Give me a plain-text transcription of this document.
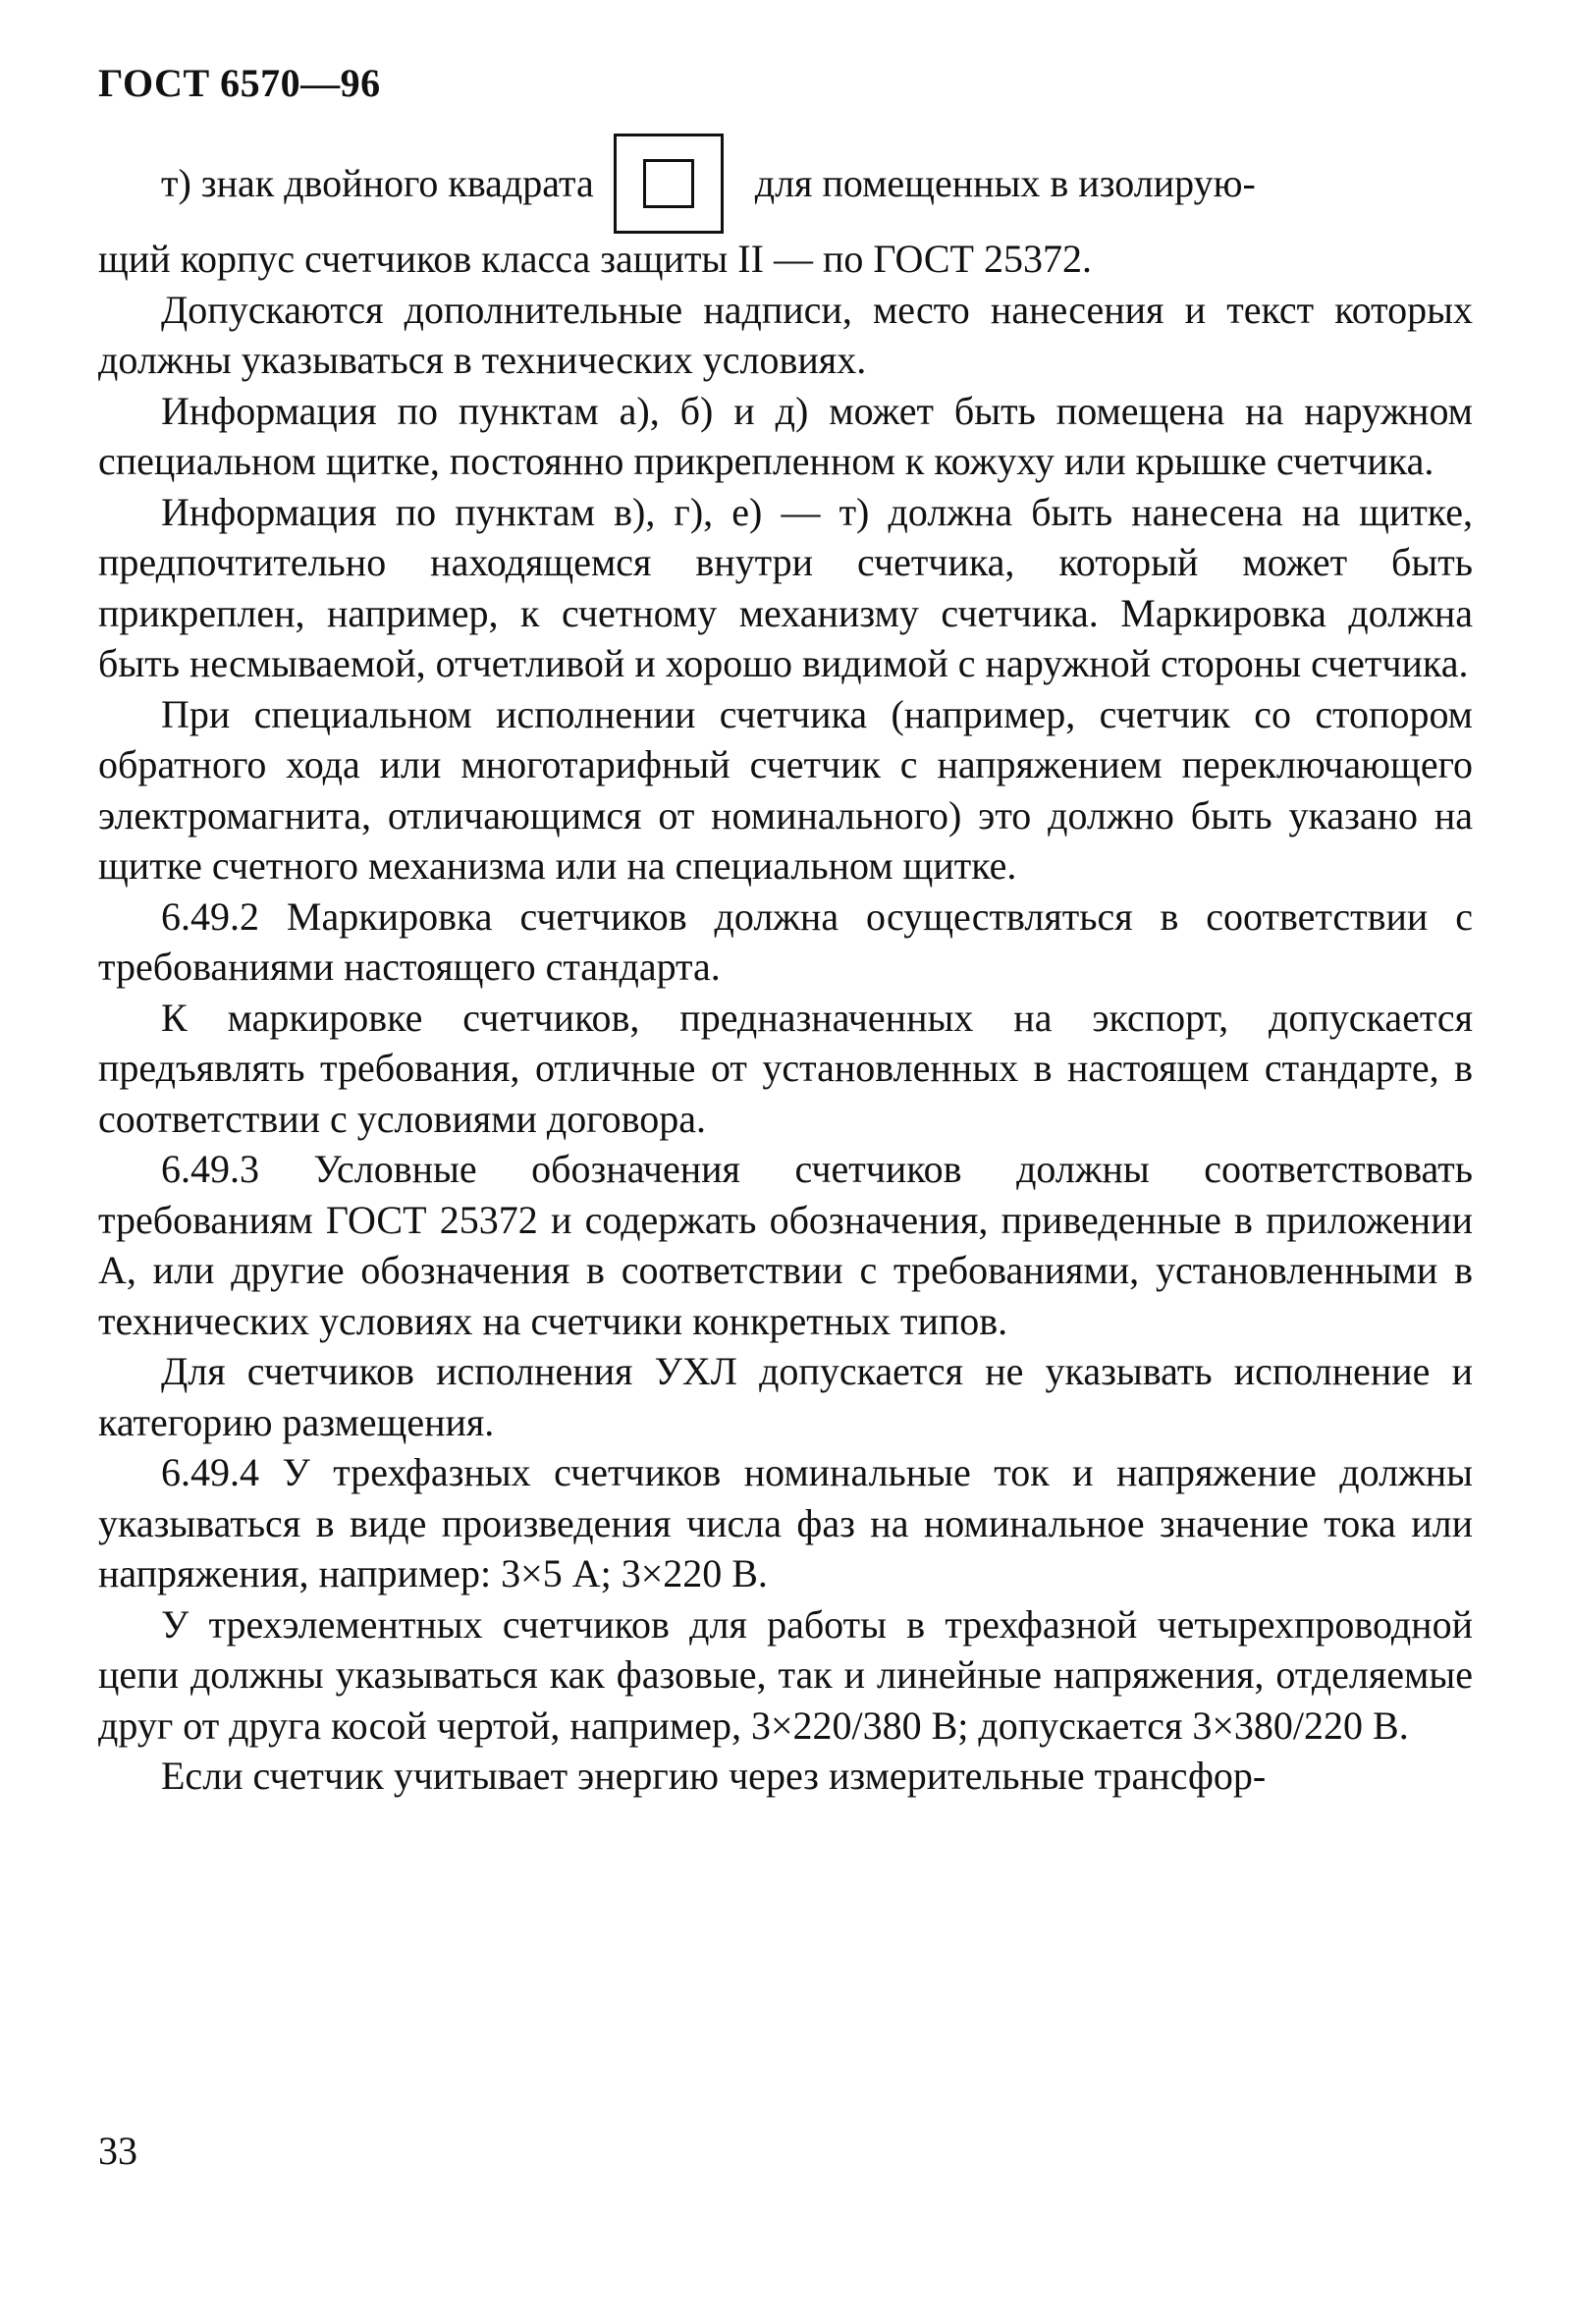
ГОСТ 6570—96
т) знак двойного квадрата	для помещенных в изолирую-

щий корпус счетчиков класса защиты II — по ГОСТ 25372.

Допускаются дополнительные надписи, место нанесения и текст которых должны указываться в технических условиях.

Информация по пунктам а), б) и д) может быть помещена на наружном специальном щитке, постоянно прикрепленном к кожуху или крышке счетчика.

Информация по пунктам в), г), е) — т) должна быть нанесена на щитке, предпочтительно находящемся внутри счетчика, который может быть прикреплен, например, к счетному механизму счетчика. Маркировка должна быть несмываемой, отчетливой и хорошо видимой с наружной стороны счетчика.

При специальном исполнении счетчика (например, счетчик со стопором обратного хода или многотарифный счетчик с напряжением переключающего электромагнита, отличающимся от номинального) это должно быть указано на щитке счетного механизма или на специальном щитке.

6.49.2 Маркировка счетчиков должна осуществляться в соответствии с требованиями настоящего стандарта.

К маркировке счетчиков, предназначенных на экспорт, допускается предъявлять требования, отличные от установленных в настоящем стандарте, в соответствии с условиями договора.

6.49.3 Условные обозначения счетчиков должны соответствовать требованиям ГОСТ 25372 и содержать обозначения, приведенные в приложении А, или другие обозначения в соответствии с требованиями, установленными в технических условиях на счетчики конкретных типов.

Для счетчиков исполнения УХЛ допускается не указывать исполнение и категорию размещения.

6.49.4 У трехфазных счетчиков номинальные ток и напряжение должны указываться в виде произведения числа фаз на номинальное значение тока или напряжения, например: 3×5 А; 3×220 В.

У трехэлементных счетчиков для работы в трехфазной четырехпроводной цепи должны указываться как фазовые, так и линейные напряжения, отделяемые друг от друга косой чертой, например, 3×220/380 В; допускается 3×380/220 В.

Если счетчик учитывает энергию через измерительные трансфор-

33
